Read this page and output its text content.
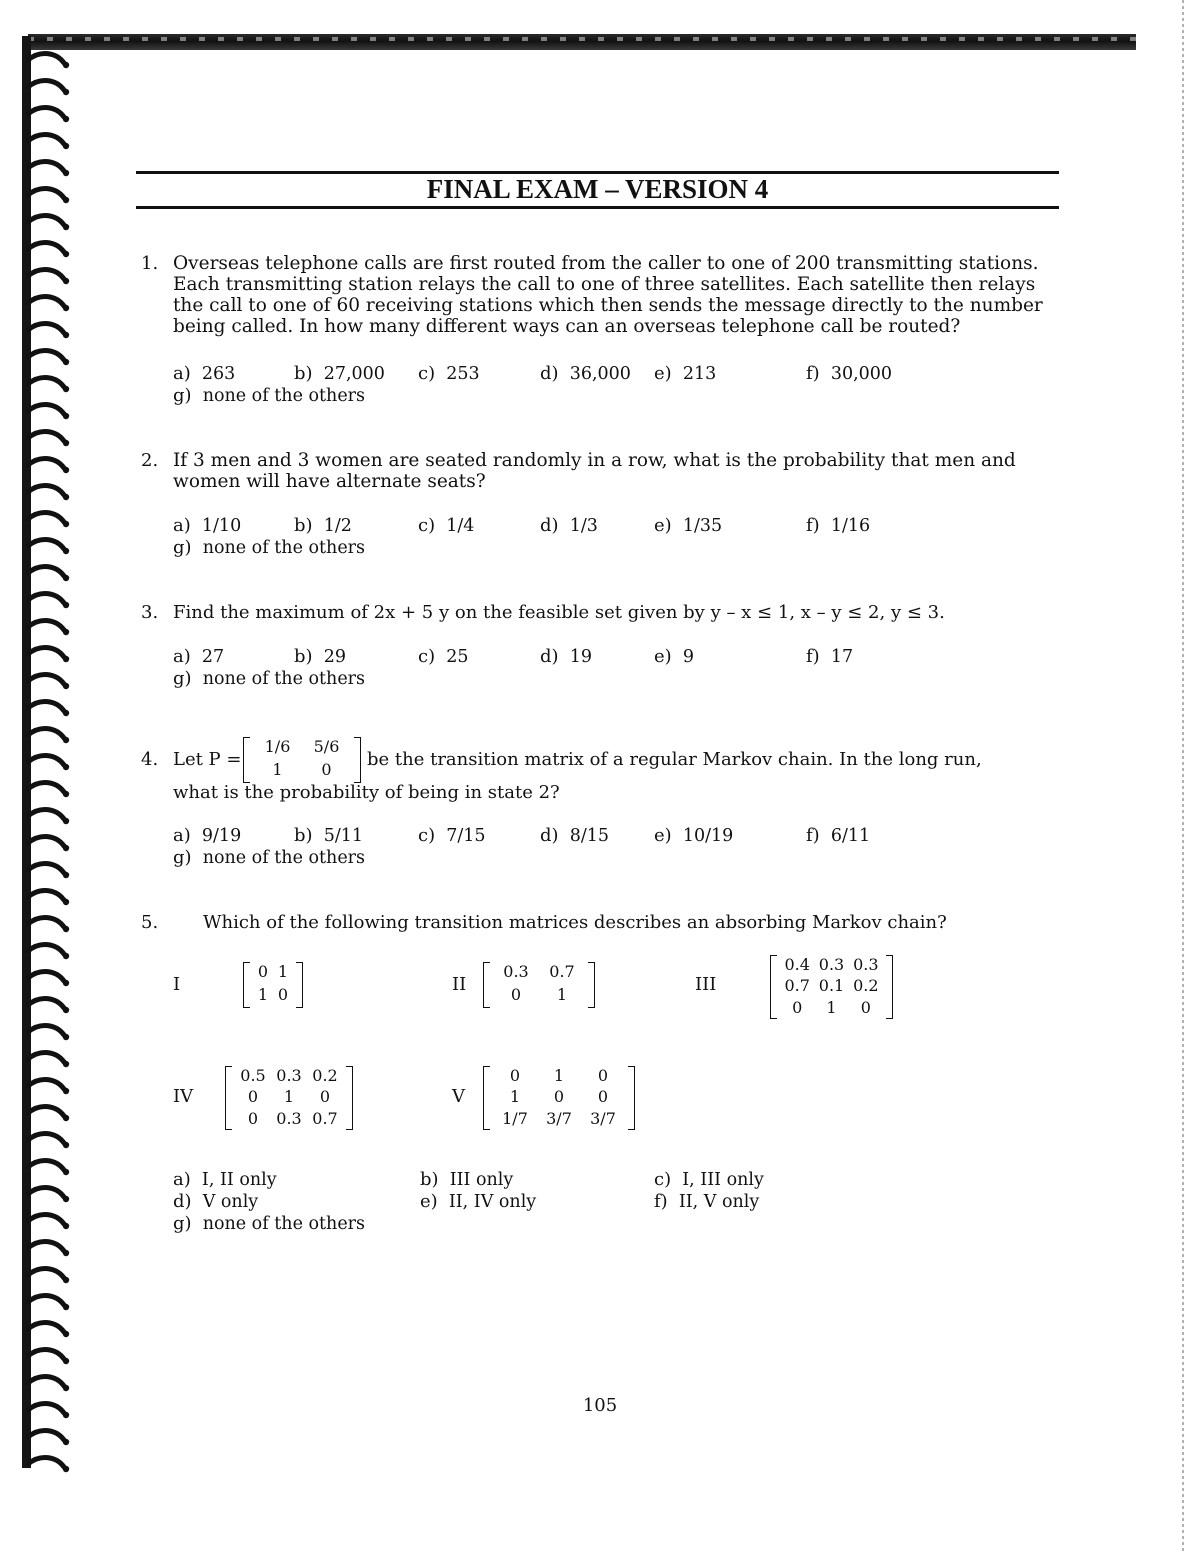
FINAL EXAM – VERSION 4
1. Overseas telephone calls are first routed from the caller to one of 200 transmitting stations.
Each transmitting station relays the call to one of three satellites. Each satellite then relays
the call to one of 60 receiving stations which then sends the message directly to the number
being called. In how many different ways can an overseas telephone call be routed?
a) 263	b) 27,000 c) 253	d) 36,000 e) 213	f) 30,000
g) none of the others
2. If 3 men and 3 women are seated randomly in a row, what is the probability that men and
women will have alternate seats?
a) 1/10	b) 1/2	c) 1/4	d) 1/3	e) 1/35	f) 1/16
g) none of the others
3. Find the maximum of 2x + 5 y on the feasible set given by y – x ≤ 1, x – y ≤ 2, y ≤ 3.
a) 27	b) 29	c) 25	d) 19	e) 9	f) 17
g) none of the others
4. Let P =
1/6	5/6
1	0	be the transition matrix of a regular Markov chain. In the long run,
what is the probability of being in state 2?
a) 9/19	b) 5/11	c) 7/15	d) 8/15	e) 10/19	f) 6/11
g) none of the others
5. Which of the following transition matrices describes an absorbing Markov chain?
I
0 1
1 0	II
0.3	0.7
0	1	III
0.4 0.3 0.3
0.7 0.1 0.2
0	1	0
IV
0.5 0.3 0.2
0	1	0
0	0.3 0.7
V
0	1	0
1	0	0
1/7	3/7	3/7
a) I, II only	b) III only	c) I, III only
d) V only	e) II, IV only	f) II, V only
g) none of the others
105
